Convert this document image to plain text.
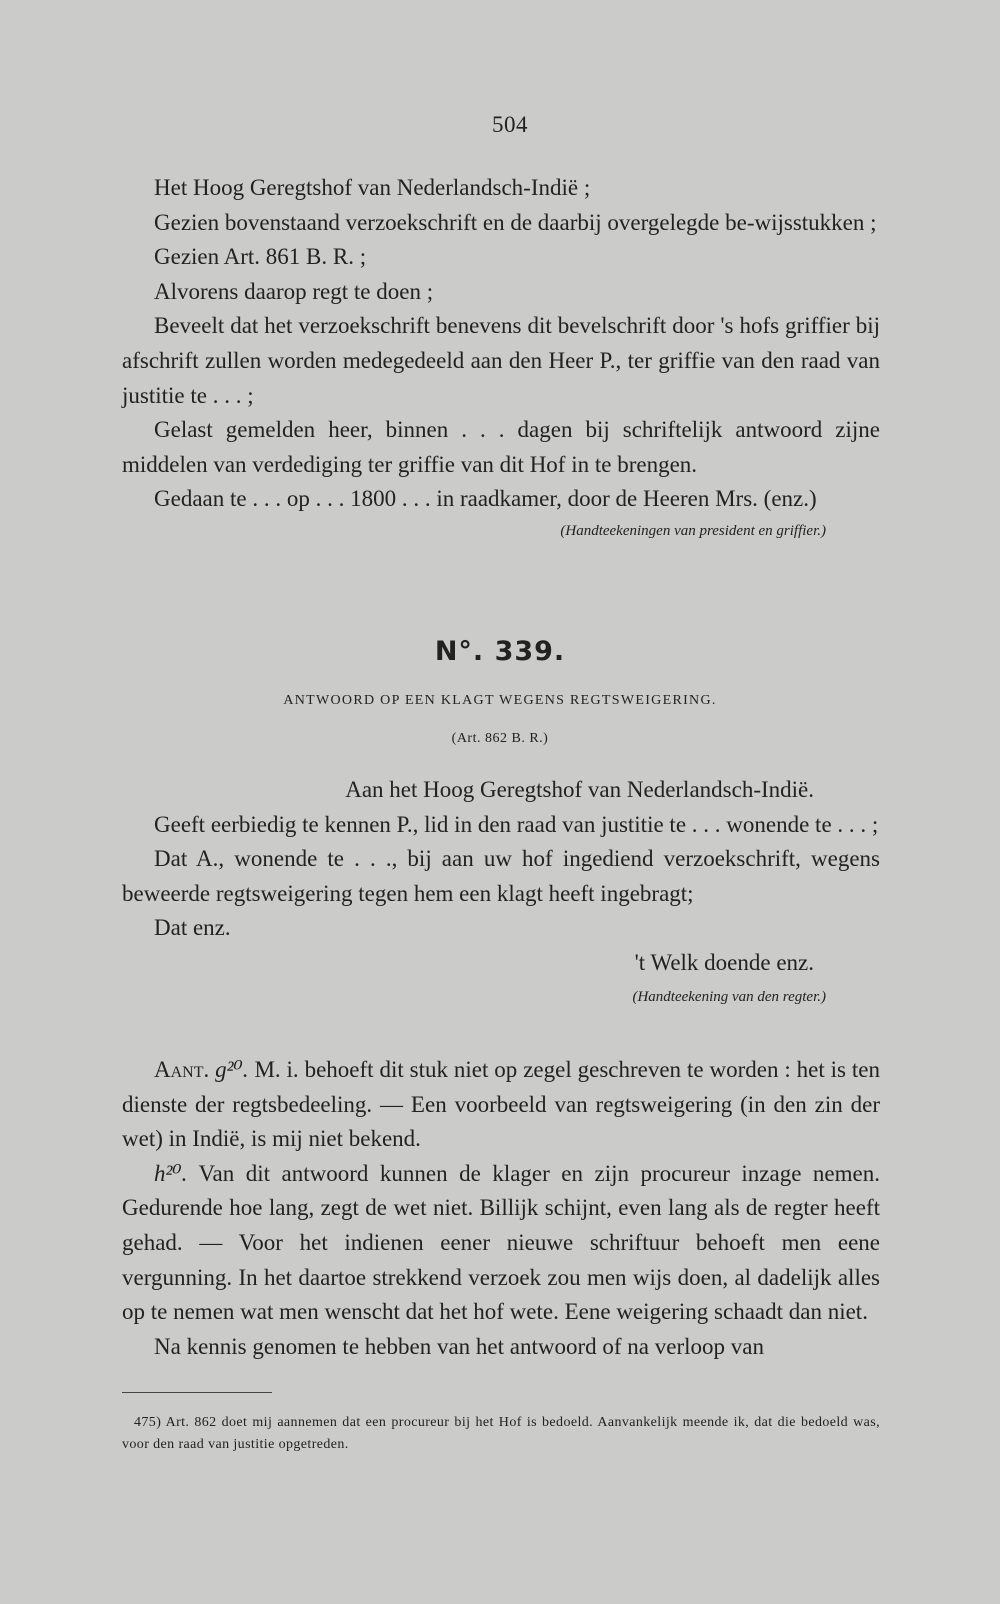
504

Het Hoog Geregtshof van Nederlandsch-Indië ;

Gezien bovenstaand verzoekschrift en de daarbij overgelegde be-wijsstukken ;

Gezien Art. 861 B. R. ;

Alvorens daarop regt te doen ;

Beveelt dat het verzoekschrift benevens dit bevelschrift door 's hofs griffier bij afschrift zullen worden medegedeeld aan den Heer P., ter griffie van den raad van justitie te . . . ;

Gelast gemelden heer, binnen . . . dagen bij schriftelijk antwoord zijne middelen van verdediging ter griffie van dit Hof in te brengen.

Gedaan te . . . op . . . 1800 . . . in raadkamer, door de Heeren Mrs. (enz.)

(Handteekeningen van president en griffier.)
N°. 339.
ANTWOORD OP EEN KLAGT WEGENS REGTSWEIGERING.
(Art. 862 B. R.)

Aan het Hoog Geregtshof van Nederlandsch-Indië.

Geeft eerbiedig te kennen P., lid in den raad van justitie te . . . wonende te . . . ;

Dat A., wonende te . . ., bij aan uw hof ingediend verzoekschrift, wegens beweerde regtsweigering tegen hem een klagt heeft ingebragt;

Dat enz.

't Welk doende enz.

(Handteekening van den regter.)

Aant. g²⁰. M. i. behoeft dit stuk niet op zegel geschreven te worden : het is ten dienste der regtsbedeeling. — Een voorbeeld van regtsweigering (in den zin der wet) in Indië, is mij niet bekend.

h²⁰. Van dit antwoord kunnen de klager en zijn procureur inzage nemen. Gedurende hoe lang, zegt de wet niet. Billijk schijnt, even lang als de regter heeft gehad. — Voor het indienen eener nieuwe schriftuur behoeft men eene vergunning. In het daartoe strekkend verzoek zou men wijs doen, al dadelijk alles op te nemen wat men wenscht dat het hof wete. Eene weigering schaadt dan niet.

Na kennis genomen te hebben van het antwoord of na verloop van

475) Art. 862 doet mij aannemen dat een procureur bij het Hof is bedoeld. Aanvankelijk meende ik, dat die bedoeld was, voor den raad van justitie opgetreden.
